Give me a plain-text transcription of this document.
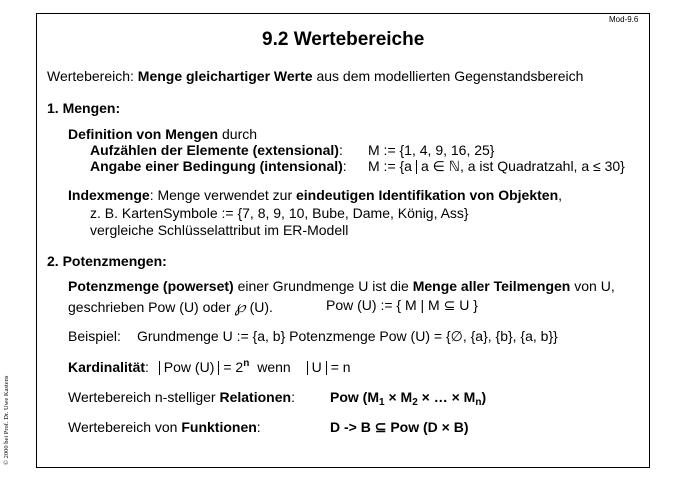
Mod-9.6
© 2000 bei Prof. Dr. Uwe Kastens
9.2 Wertebereiche
Wertebereich: Menge gleichartiger Werte aus dem modellierten Gegenstandsbereich
1. Mengen:
Definition von Mengen durch
Aufzählen der Elemente (extensional): M := {1, 4, 9, 16, 25}
Angabe einer Bedingung (intensional): M := {a a ∈ ℕ, a ist Quadratzahl, a ≤ 30}
Indexmenge: Menge verwendet zur eindeutigen Identifikation von Objekten,
z. B. KartenSymbole := {7, 8, 9, 10, Bube, Dame, König, Ass}
vergleiche Schlüsselattribut im ER-Modell
2. Potenzmengen:
Potenzmenge (powerset) einer Grundmenge U ist die Menge aller Teilmengen von U,
geschrieben Pow (U) oder ℘ (U).	Pow (U) := { M | M ⊆ U }
Beispiel: Grundmenge U := {a, b} Potenzmenge Pow (U) = {∅, {a}, {b}, {a, b}}
Kardinalität: Pow $(U) = 2^n$ wenn U = n
Wertebereich n-stelliger Relationen:	Pow ($M_1 \times M_2$ × … × $M_n$)
Wertebereich von Funktionen:	D -> B ⊆ Pow (D × B)
